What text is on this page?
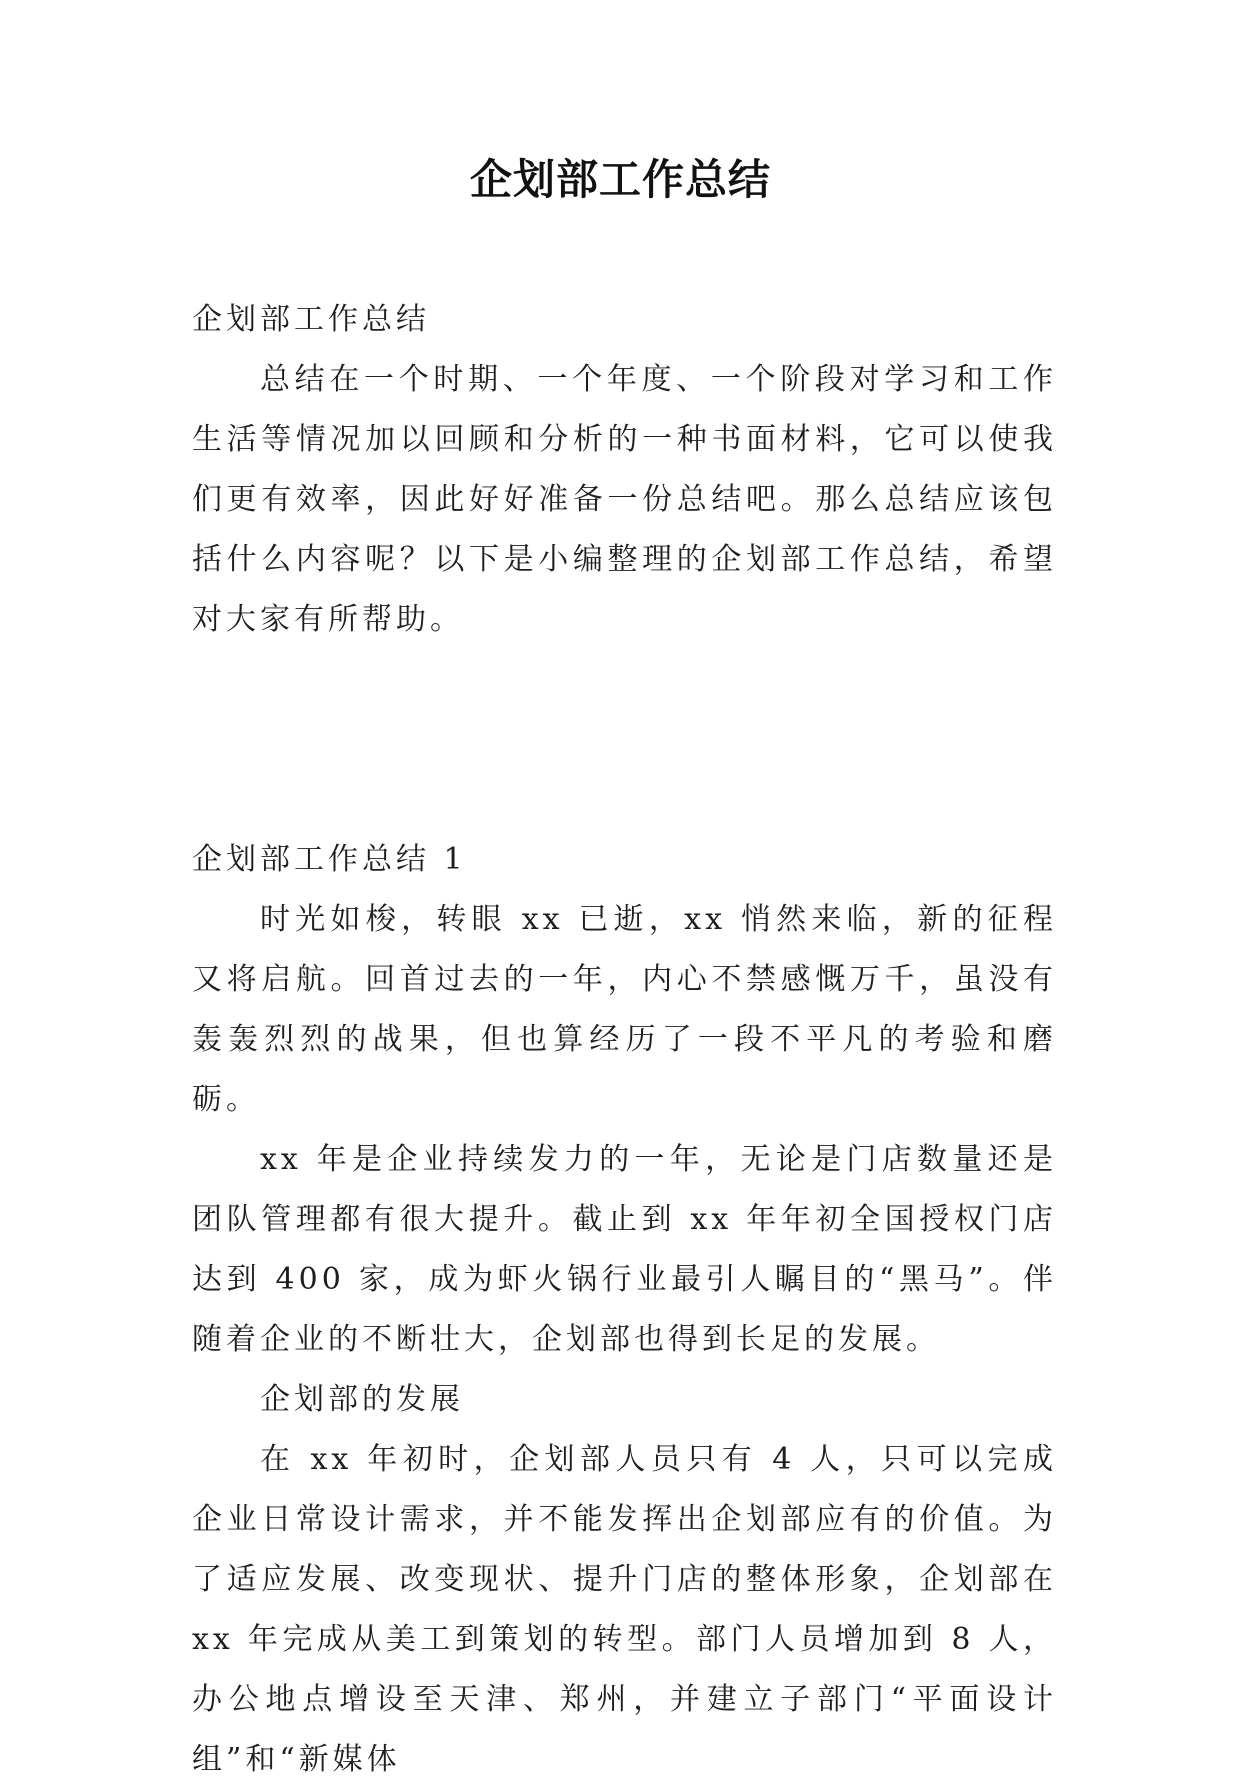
企划部工作总结

企划部工作总结

总结在一个时期、一个年度、一个阶段对学习和工作生活等情况加以回顾和分析的一种书面材料，它可以使我们更有效率，因此好好准备一份总结吧。那么总结应该包括什么内容呢？以下是小编整理的企划部工作总结，希望对大家有所帮助。

企划部工作总结 1

时光如梭，转眼 xx 已逝，xx 悄然来临，新的征程又将启航。回首过去的一年，内心不禁感慨万千，虽没有轰轰烈烈的战果，但也算经历了一段不平凡的考验和磨砺。

xx 年是企业持续发力的一年，无论是门店数量还是团队管理都有很大提升。截止到 xx 年年初全国授权门店达到 400 家，成为虾火锅行业最引人瞩目的“黑马”。伴随着企业的不断壮大，企划部也得到长足的发展。

企划部的发展

在 xx 年初时，企划部人员只有 4 人，只可以完成企业日常设计需求，并不能发挥出企划部应有的价值。为了适应发展、改变现状、提升门店的整体形象，企划部在 xx 年完成从美工到策划的转型。部门人员增加到 8 人，办公地点增设至天津、郑州，并建立子部门“平面设计组”和“新媒体
